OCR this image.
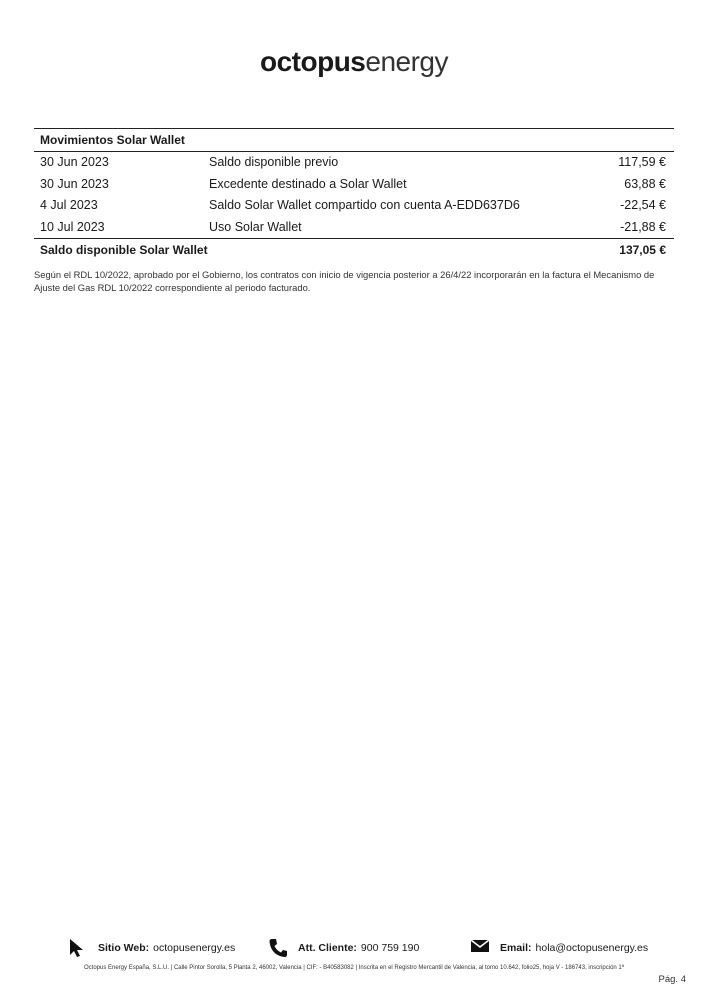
octopusenergy
Movimientos Solar Wallet
30 Jun 2023	Saldo disponible previo	117,59 €
30 Jun 2023	Excedente destinado a Solar Wallet	63,88 €
4 Jul 2023	Saldo Solar Wallet compartido con cuenta A-EDD637D6	-22,54 €
10 Jul 2023	Uso Solar Wallet	-21,88 €
Saldo disponible Solar Wallet	137,05 €
Según el RDL 10/2022, aprobado por el Gobierno, los contratos con inicio de vigencia posterior a 26/4/22 incorporarán en la factura el Mecanismo de Ajuste del Gas RDL 10/2022 correspondiente al periodo facturado.
Sitio Web: octopusenergy.es	Att. Cliente: 900 759 190	Email: hola@octopusenergy.es
Octopus Energy España, S.L.U. | Calle Pintor Sorolla, 5 Planta 2, 46002, Valencia | CIF: - B40583082 | Inscrita en el Registro Mercantil de Valencia, al tomo 10.642, folio25, hoja V - 186743, inscripción 1ª
Pág. 4
